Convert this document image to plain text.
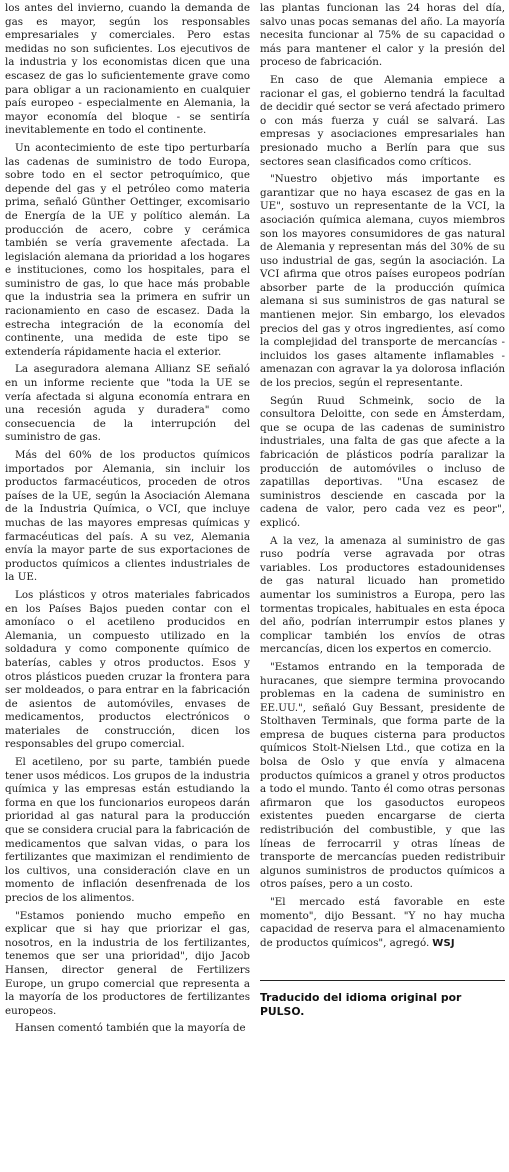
los antes del invierno, cuando la demanda de gas es mayor, según los responsables empresariales y comerciales. Pero estas medidas no son suficientes. Los ejecutivos de la industria y los economistas dicen que una escasez de gas lo suficientemente grave como para obligar a un racionamiento en cualquier país europeo - especialmente en Alemania, la mayor economía del bloque - se sentiría inevitablemente en todo el continente.

Un acontecimiento de este tipo perturbaría las cadenas de suministro de todo Europa, sobre todo en el sector petroquímico, que depende del gas y el petróleo como materia prima, señaló Günther Oettinger, excomisario de Energía de la UE y político alemán. La producción de acero, cobre y cerámica también se vería gravemente afectada. La legislación alemana da prioridad a los hogares e instituciones, como los hospitales, para el suministro de gas, lo que hace más probable que la industria sea la primera en sufrir un racionamiento en caso de escasez. Dada la estrecha integración de la economía del continente, una medida de este tipo se extendería rápidamente hacia el exterior.

La aseguradora alemana Allianz SE señaló en un informe reciente que "toda la UE se vería afectada si alguna economía entrara en una recesión aguda y duradera" como consecuencia de la interrupción del suministro de gas.

Más del 60% de los productos químicos importados por Alemania, sin incluir los productos farmacéuticos, proceden de otros países de la UE, según la Asociación Alemana de la Industria Química, o VCI, que incluye muchas de las mayores empresas químicas y farmacéuticas del país. A su vez, Alemania envía la mayor parte de sus exportaciones de productos químicos a clientes industriales de la UE.

Los plásticos y otros materiales fabricados en los Países Bajos pueden contar con el amoníaco o el acetileno producidos en Alemania, un compuesto utilizado en la soldadura y como componente químico de baterías, cables y otros productos. Esos y otros plásticos pueden cruzar la frontera para ser moldeados, o para entrar en la fabricación de asientos de automóviles, envases de medicamentos, productos electrónicos o materiales de construcción, dicen los responsables del grupo comercial.

El acetileno, por su parte, también puede tener usos médicos. Los grupos de la industria química y las empresas están estudiando la forma en que los funcionarios europeos darán prioridad al gas natural para la producción que se considera crucial para la fabricación de medicamentos que salvan vidas, o para los fertilizantes que maximizan el rendimiento de los cultivos, una consideración clave en un momento de inflación desenfrenada de los precios de los alimentos.

"Estamos poniendo mucho empeño en explicar que si hay que priorizar el gas, nosotros, en la industria de los fertilizantes, tenemos que ser una prioridad", dijo Jacob Hansen, director general de Fertilizers Europe, un grupo comercial que representa a la mayoría de los productores de fertilizantes europeos.

Hansen comentó también que la mayoría de

las plantas funcionan las 24 horas del día, salvo unas pocas semanas del año. La mayoría necesita funcionar al 75% de su capacidad o más para mantener el calor y la presión del proceso de fabricación.

En caso de que Alemania empiece a racionar el gas, el gobierno tendrá la facultad de decidir qué sector se verá afectado primero o con más fuerza y cuál se salvará. Las empresas y asociaciones empresariales han presionado mucho a Berlín para que sus sectores sean clasificados como críticos.

"Nuestro objetivo más importante es garantizar que no haya escasez de gas en la UE", sostuvo un representante de la VCI, la asociación química alemana, cuyos miembros son los mayores consumidores de gas natural de Alemania y representan más del 30% de su uso industrial de gas, según la asociación. La VCI afirma que otros países europeos podrían absorber parte de la producción química alemana si sus suministros de gas natural se mantienen mejor. Sin embargo, los elevados precios del gas y otros ingredientes, así como la complejidad del transporte de mercancías - incluidos los gases altamente inflamables - amenazan con agravar la ya dolorosa inflación de los precios, según el representante.

Según Ruud Schmeink, socio de la consultora Deloitte, con sede en Ámsterdam, que se ocupa de las cadenas de suministro industriales, una falta de gas que afecte a la fabricación de plásticos podría paralizar la producción de automóviles o incluso de zapatillas deportivas. "Una escasez de suministros desciende en cascada por la cadena de valor, pero cada vez es peor", explicó.

A la vez, la amenaza al suministro de gas ruso podría verse agravada por otras variables. Los productores estadounidenses de gas natural licuado han prometido aumentar los suministros a Europa, pero las tormentas tropicales, habituales en esta época del año, podrían interrumpir estos planes y complicar también los envíos de otras mercancías, dicen los expertos en comercio.

"Estamos entrando en la temporada de huracanes, que siempre termina provocando problemas en la cadena de suministro en EE.UU.", señaló Guy Bessant, presidente de Stolthaven Terminals, que forma parte de la empresa de buques cisterna para productos químicos Stolt-Nielsen Ltd., que cotiza en la bolsa de Oslo y que envía y almacena productos químicos a granel y otros productos a todo el mundo. Tanto él como otras personas afirmaron que los gasoductos europeos existentes pueden encargarse de cierta redistribución del combustible, y que las líneas de ferrocarril y otras líneas de transporte de mercancías pueden redistribuir algunos suministros de productos químicos a otros países, pero a un costo.

"El mercado está favorable en este momento", dijo Bessant. "Y no hay mucha capacidad de reserva para el almacenamiento de productos químicos", agregó. WSJ

Traducido del idioma original por PULSO.
